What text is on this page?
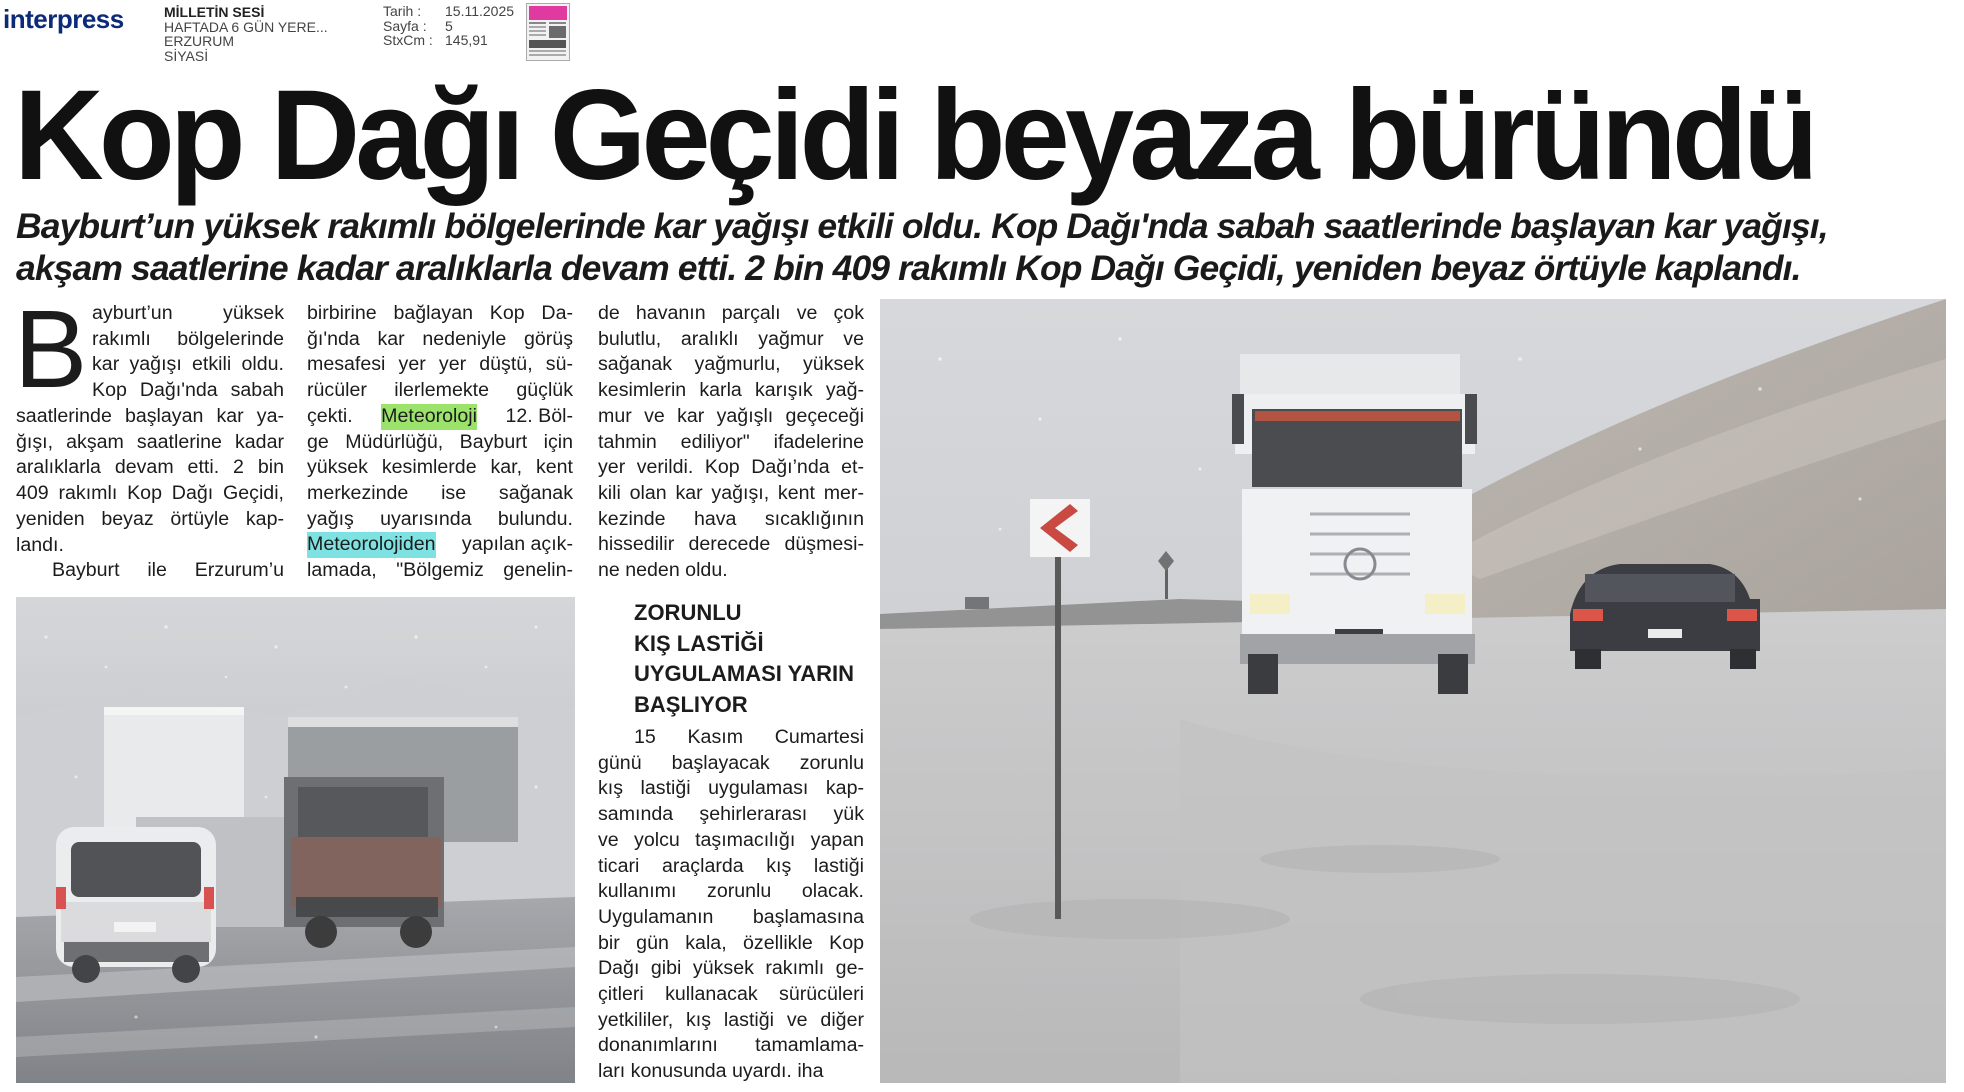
interpress	MİLLETİN SESİ
HAFTADA 6 GÜN YERE...
ERZURUM
SİYASİ
Tarih :
Sayfa :
StxCm :
15.11.2025
5
145,91
Kop Dağı Geçidi beyaza büründü
Bayburt’un yüksek rakımlı bölgelerinde kar yağışı etkili oldu. Kop Dağı'nda sabah saatlerinde başlayan kar yağışı,
akşam saatlerine kadar aralıklarla devam etti. 2 bin 409 rakımlı Kop Dağı Geçidi, yeniden beyaz örtüyle kaplandı.
B ayburt’un yüksek
rakımlı bölgelerinde
kar yağışı etkili oldu.
Kop Dağı'nda sabah
saatlerinde başlayan kar ya-
ğışı, akşam saatlerine kadar
aralıklarla devam etti. 2 bin
409 rakımlı Kop Dağı Geçidi,
yeniden beyaz örtüyle kap-
landı.
Bayburt ile Erzurum’u
birbirine bağlayan Kop Da-
ğı'nda kar nedeniyle görüş
mesafesi yer yer düştü, sü-
rücüler ilerlemekte güçlük
çekti. Meteoroloji 12. Böl-
ge Müdürlüğü, Bayburt için
yüksek kesimlerde kar, kent
merkezinde ise sağanak
yağış uyarısında bulundu.
Meteorolojiden yapılan açık-
lamada, "Bölgemiz genelin-
de havanın parçalı ve çok
bulutlu, aralıklı yağmur ve
sağanak yağmurlu, yüksek
kesimlerin karla karışık yağ-
mur ve kar yağışlı geçeceği
tahmin ediliyor" ifadelerine
yer verildi. Kop Dağı’nda et-
kili olan kar yağışı, kent mer-
kezinde hava sıcaklığının
hissedilir derecede düşmesi-
ne neden oldu.
ZORUNLU
KIŞ LASTİĞİ
UYGULAMASI YARIN
BAŞLIYOR
15 Kasım Cumartesi
günü başlayacak zorunlu
kış lastiği uygulaması kap-
samında şehirlerarası yük
ve yolcu taşımacılığı yapan
ticari araçlarda kış lastiği
kullanımı zorunlu olacak.
Uygulamanın başlamasına
bir gün kala, özellikle Kop
Dağı gibi yüksek rakımlı ge-
çitleri kullanacak sürücüleri
yetkililer, kış lastiği ve diğer
donanımlarını tamamlama-
ları konusunda uyardı. iha
